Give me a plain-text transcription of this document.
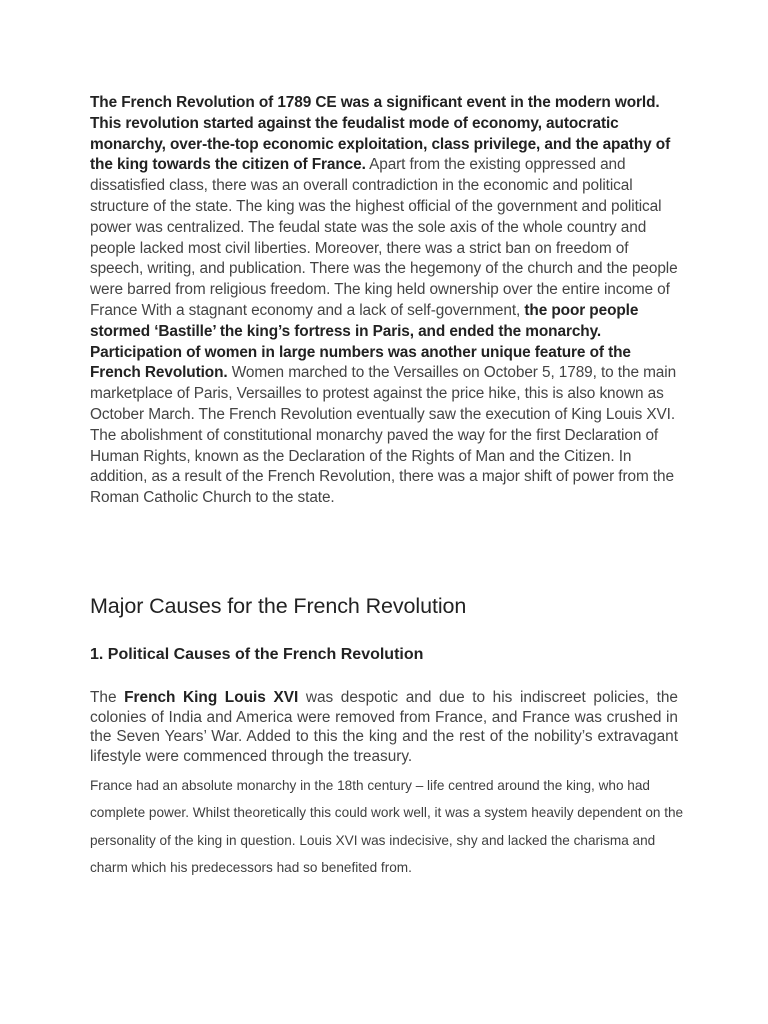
The French Revolution of 1789 CE was a significant event in the modern world. This revolution started against the feudalist mode of economy, autocratic monarchy, over-the-top economic exploitation, class privilege, and the apathy of the king towards the citizen of France. Apart from the existing oppressed and dissatisfied class, there was an overall contradiction in the economic and political structure of the state. The king was the highest official of the government and political power was centralized. The feudal state was the sole axis of the whole country and people lacked most civil liberties. Moreover, there was a strict ban on freedom of speech, writing, and publication. There was the hegemony of the church and the people were barred from religious freedom. The king held ownership over the entire income of France With a stagnant economy and a lack of self-government, the poor people stormed ‘Bastille’ the king’s fortress in Paris, and ended the monarchy. Participation of women in large numbers was another unique feature of the French Revolution. Women marched to the Versailles on October 5, 1789, to the main marketplace of Paris, Versailles to protest against the price hike, this is also known as October March. The French Revolution eventually saw the execution of King Louis XVI. The abolishment of constitutional monarchy paved the way for the first Declaration of Human Rights, known as the Declaration of the Rights of Man and the Citizen. In addition, as a result of the French Revolution, there was a major shift of power from the Roman Catholic Church to the state.

Major Causes for the French Revolution
1. Political Causes of the French Revolution

The French King Louis XVI was despotic and due to his indiscreet policies, the colonies of India and America were removed from France, and France was crushed in the Seven Years’ War. Added to this the king and the rest of the nobility’s extravagant lifestyle were commenced through the treasury.

France had an absolute monarchy in the 18th century – life centred around the king, who had complete power. Whilst theoretically this could work well, it was a system heavily dependent on the personality of the king in question. Louis XVI was indecisive, shy and lacked the charisma and charm which his predecessors had so benefited from.
